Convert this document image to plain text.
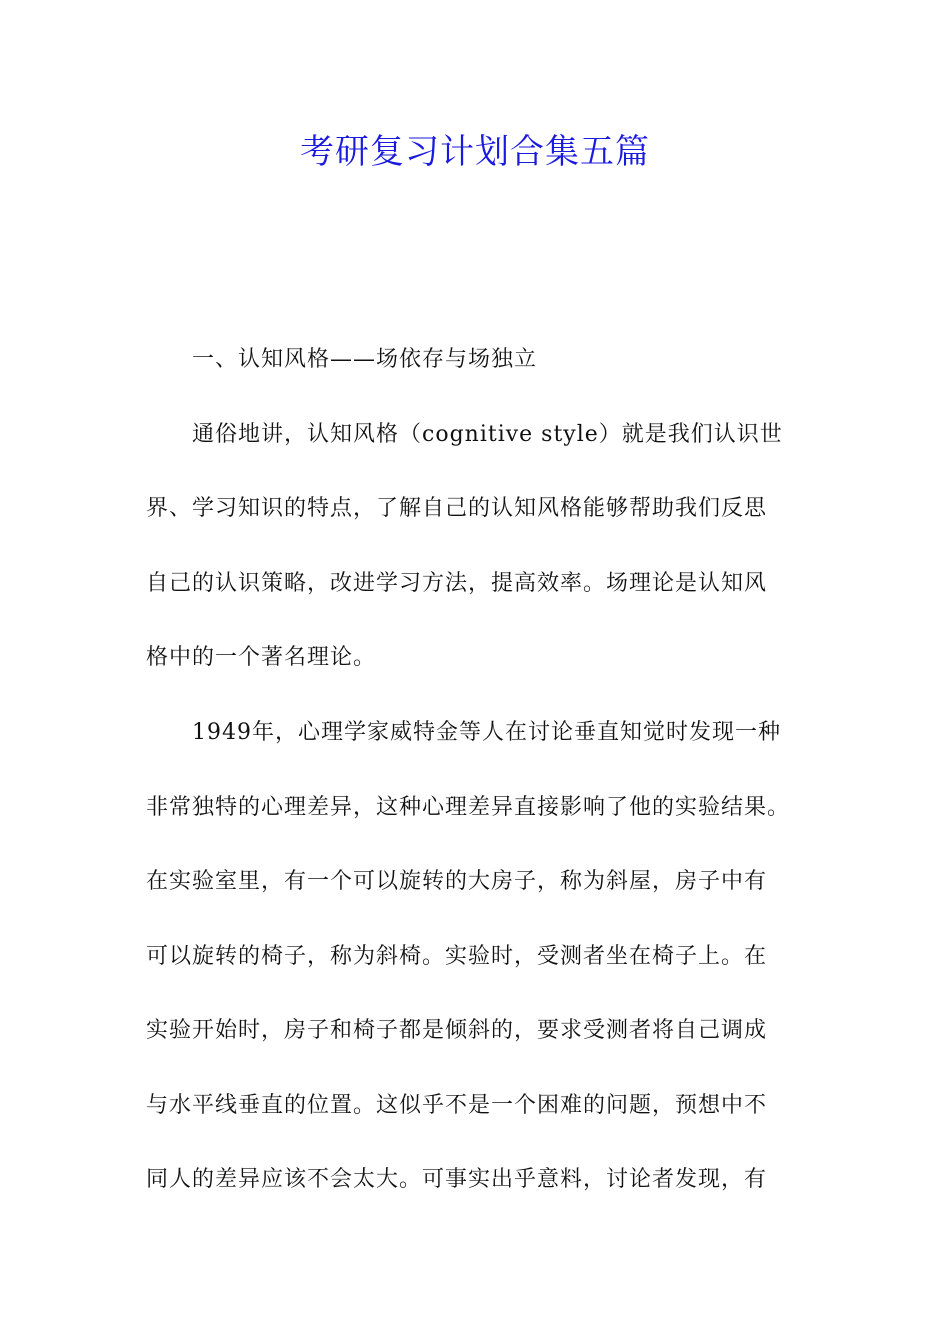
考研复习计划合集五篇
一、认知风格——场依存与场独立
通俗地讲，认知风格（cognitive style）就是我们认识世
界、学习知识的特点，了解自己的认知风格能够帮助我们反思
自己的认识策略，改进学习方法，提高效率。场理论是认知风
格中的一个著名理论。
1949年，心理学家威特金等人在讨论垂直知觉时发现一种
非常独特的心理差异，这种心理差异直接影响了他的实验结果。
在实验室里，有一个可以旋转的大房子，称为斜屋，房子中有
可以旋转的椅子，称为斜椅。实验时，受测者坐在椅子上。在
实验开始时，房子和椅子都是倾斜的，要求受测者将自己调成
与水平线垂直的位置。这似乎不是一个困难的问题，预想中不
同人的差异应该不会太大。可事实出乎意料，讨论者发现，有
